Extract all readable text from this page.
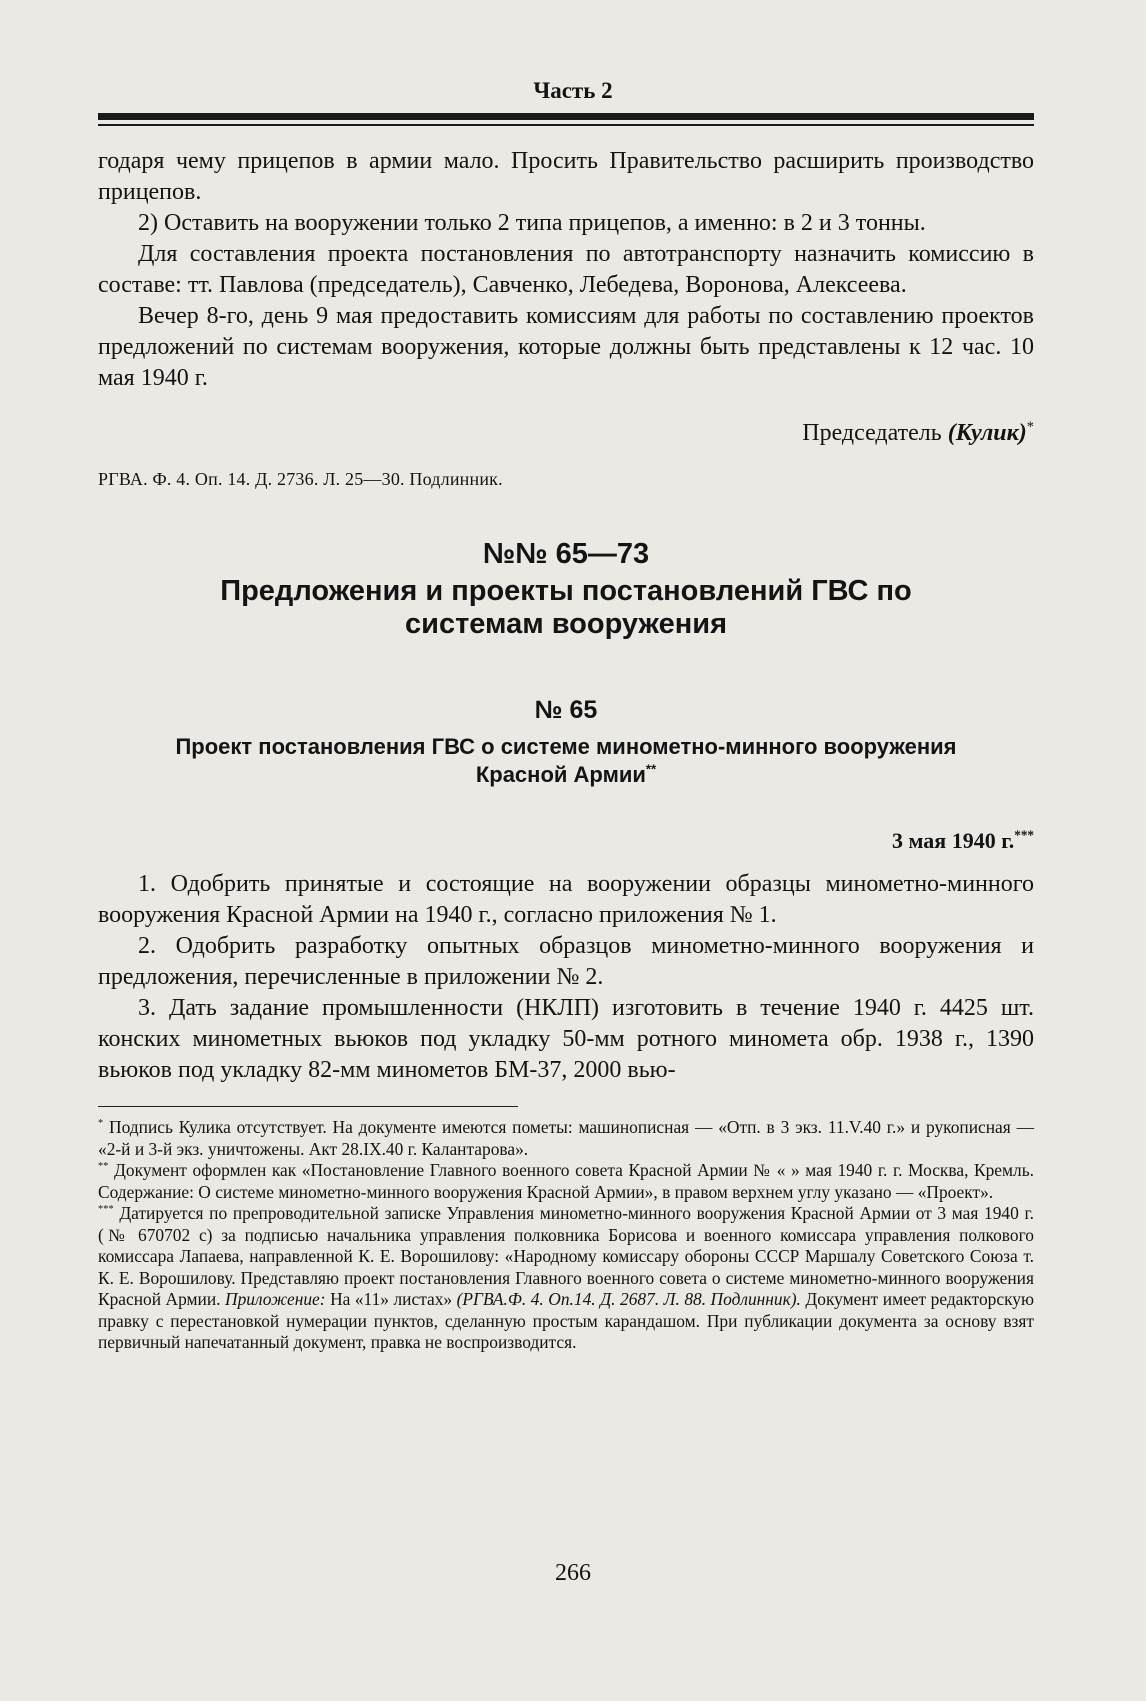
Часть 2

годаря чему прицепов в армии мало. Просить Правительство расширить производство прицепов.

2) Оставить на вооружении только 2 типа прицепов, а именно: в 2 и 3 тонны.

Для составления проекта постановления по автотранспорту назначить комиссию в составе: тт. Павлова (председатель), Савченко, Лебедева, Воронова, Алексеева.

Вечер 8-го, день 9 мая предоставить комиссиям для работы по составлению проектов предложений по системам вооружения, которые должны быть представлены к 12 час. 10 мая 1940 г.

Председатель (Кулик)*

РГВА. Ф. 4. Оп. 14. Д. 2736. Л. 25—30. Подлинник.

№№ 65—73
Предложения и проекты постановлений ГВС по системам вооружения
№ 65
Проект постановления ГВС о системе минометно-минного вооружения Красной Армии**
3 мая 1940 г.***

1. Одобрить принятые и состоящие на вооружении образцы минометно-минного вооружения Красной Армии на 1940 г., согласно приложения № 1.

2. Одобрить разработку опытных образцов минометно-минного вооружения и предложения, перечисленные в приложении № 2.

3. Дать задание промышленности (НКЛП) изготовить в течение 1940 г. 4425 шт. конских минометных вьюков под укладку 50-мм ротного миномета обр. 1938 г., 1390 вьюков под укладку 82-мм минометов БМ-37, 2000 вью-

* Подпись Кулика отсутствует. На документе имеются пометы: машинописная — «Отп. в 3 экз. 11.V.40 г.» и рукописная — «2-й и 3-й экз. уничтожены. Акт 28.IX.40 г. Калантарова».

** Документ оформлен как «Постановление Главного военного совета Красной Армии № « » мая 1940 г. г. Москва, Кремль. Содержание: О системе минометно-минного вооружения Красной Армии», в правом верхнем углу указано — «Проект».

*** Датируется по препроводительной записке Управления минометно-минного вооружения Красной Армии от 3 мая 1940 г. (№ 670702 с) за подписью начальника управления полковника Борисова и военного комиссара управления полкового комиссара Лапаева, направленной К. Е. Ворошилову: «Народному комиссару обороны СССР Маршалу Советского Союза т. К. Е. Ворошилову. Представляю проект постановления Главного военного совета о системе минометно-минного вооружения Красной Армии. Приложение: На «11» листах» (РГВА.Ф. 4. Оп.14. Д. 2687. Л. 88. Подлинник). Документ имеет редакторскую правку с перестановкой нумерации пунктов, сделанную простым карандашом. При публикации документа за основу взят первичный напечатанный документ, правка не воспроизводится.

266
